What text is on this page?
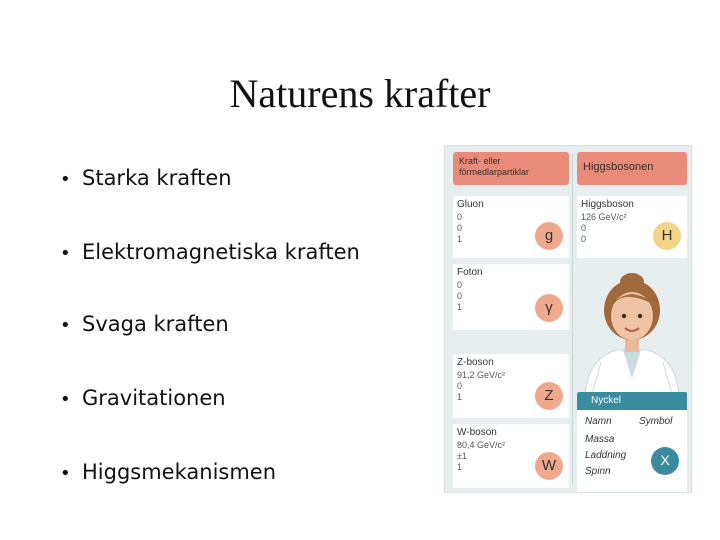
Naturens krafter
• Starka kraften
• Elektromagnetiska kraften
• Svaga kraften
• Gravitationen
• Higgsmekanismen
Kraft- eller förmedlarpartiklar
Gluon
0
0
1	g
Foton
0
0
1	γ
Z-boson
91,2 GeV/c²
0
1	Z
W-boson
80,4 GeV/c²
±1
1	W
Higgsbosonen
Higgsboson
126 GeV/c²
0
0	H
Nyckel
Namn	Symbol
Massa
Laddning
Spinn
X
